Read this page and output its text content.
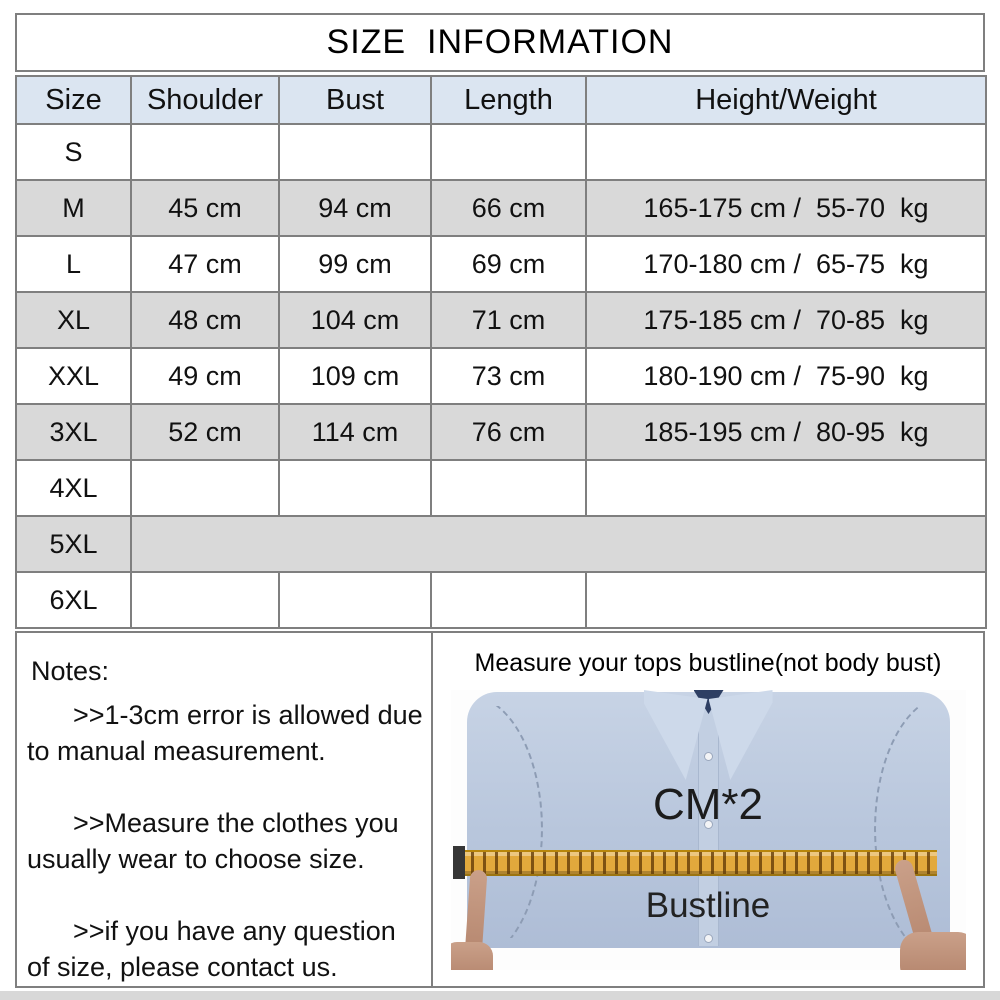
SIZE  INFORMATION
Size	Shoulder	Bust	Length	Height/Weight
S				
M	45 cm	94 cm	66 cm	165-175 cm /  55-70  kg
L	47 cm	99 cm	69 cm	170-180 cm /  65-75  kg
XL	48 cm	104 cm	71 cm	175-185 cm /  70-85  kg
XXL	49 cm	109 cm	73 cm	180-190 cm /  75-90  kg
3XL	52 cm	114 cm	76 cm	185-195 cm /  80-95  kg
4XL				
5XL				
6XL				
Notes:

>>1-3cm error is allowed due to manual measurement.

>>Measure the clothes you usually wear to choose size.

>>if you have any question of size, please contact us.

Measure your tops bustline(not body bust)
CM*2
Bustline
